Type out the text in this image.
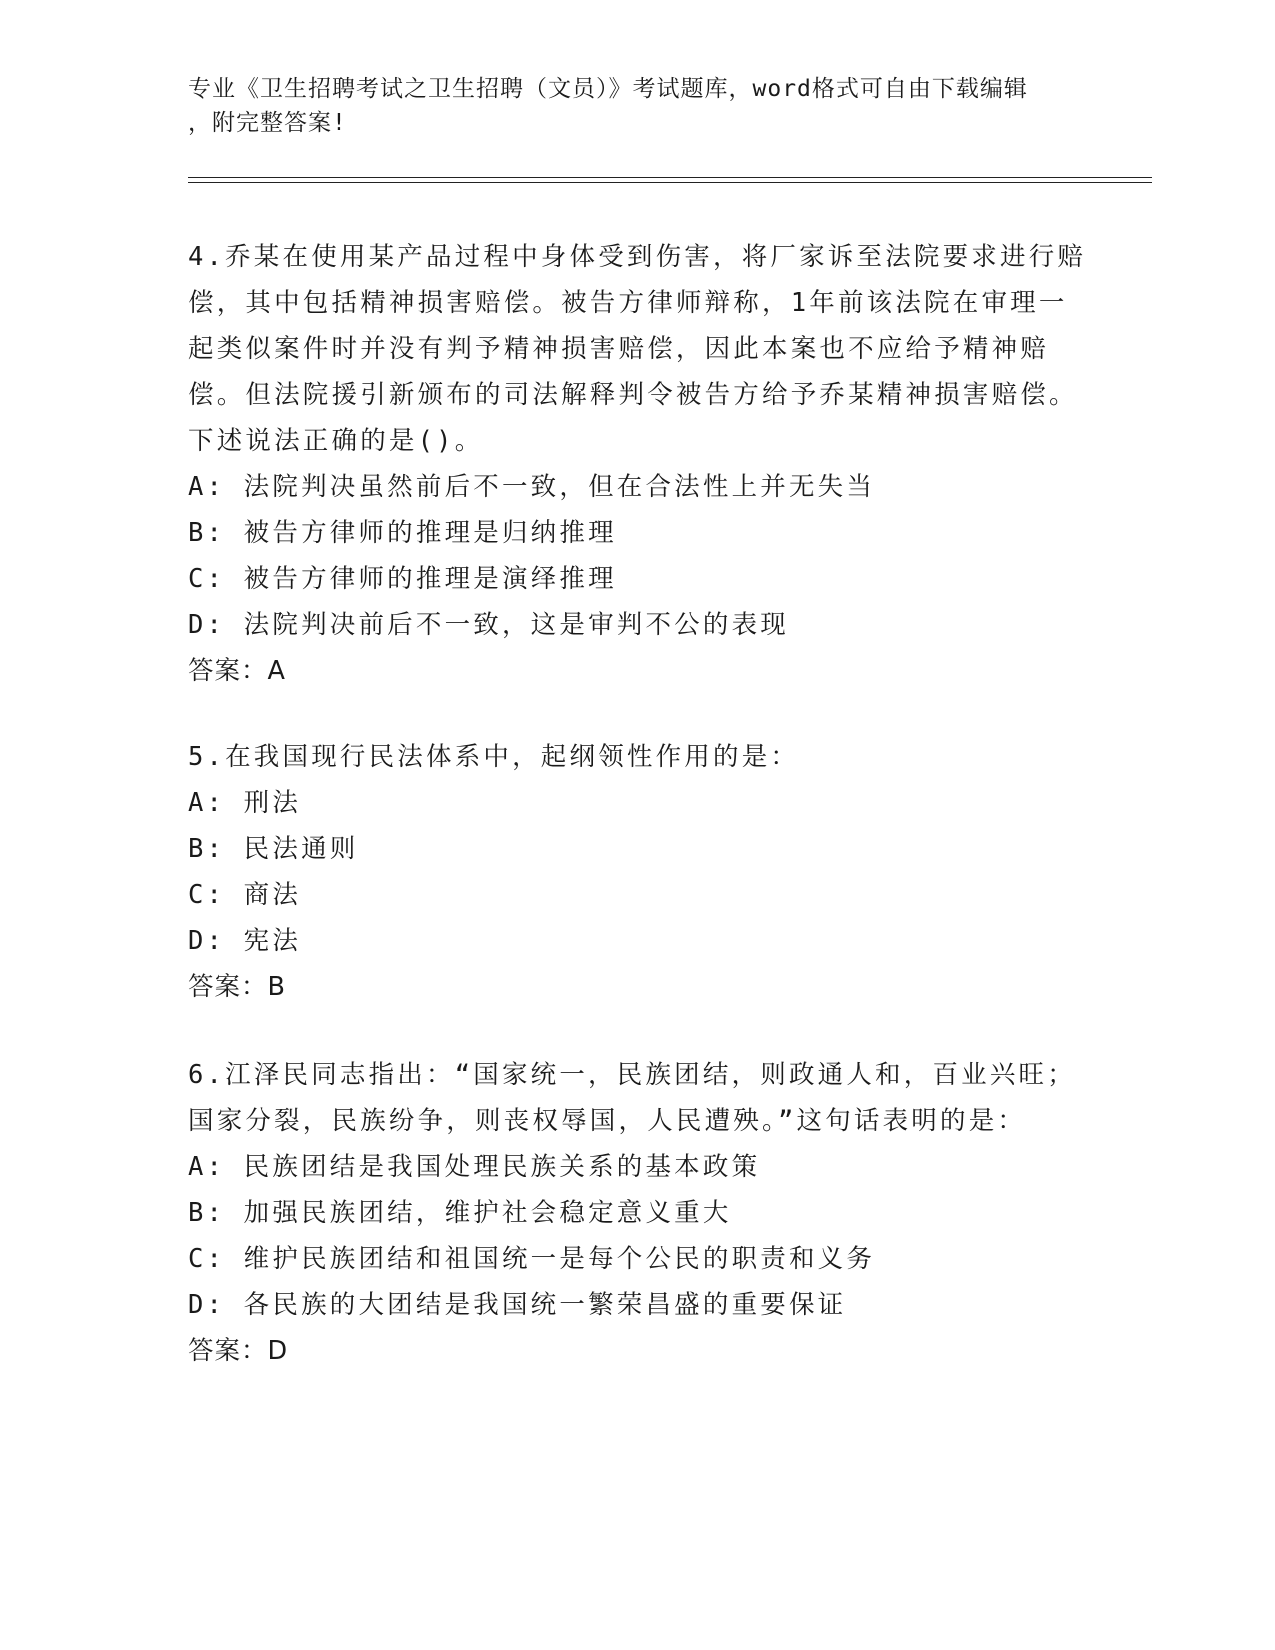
专业《卫生招聘考试之卫生招聘（文员）》考试题库，word格式可自由下载编辑
，附完整答案!

4.乔某在使用某产品过程中身体受到伤害，将厂家诉至法院要求进行赔偿，其中包括精神损害赔偿。被告方律师辩称，1年前该法院在审理一起类似案件时并没有判予精神损害赔偿，因此本案也不应给予精神赔偿。但法院援引新颁布的司法解释判令被告方给予乔某精神损害赔偿。下述说法正确的是()。

A: 法院判决虽然前后不一致，但在合法性上并无失当
B: 被告方律师的推理是归纳推理
C: 被告方律师的推理是演绎推理
D: 法院判决前后不一致，这是审判不公的表现
答案：A

5.在我国现行民法体系中，起纲领性作用的是：

A: 刑法
B: 民法通则
C: 商法
D: 宪法
答案：B

6.江泽民同志指出：“国家统一，民族团结，则政通人和，百业兴旺；国家分裂，民族纷争，则丧权辱国，人民遭殃。”这句话表明的是：

A: 民族团结是我国处理民族关系的基本政策
B: 加强民族团结，维护社会稳定意义重大
C: 维护民族团结和祖国统一是每个公民的职责和义务
D: 各民族的大团结是我国统一繁荣昌盛的重要保证
答案：D
